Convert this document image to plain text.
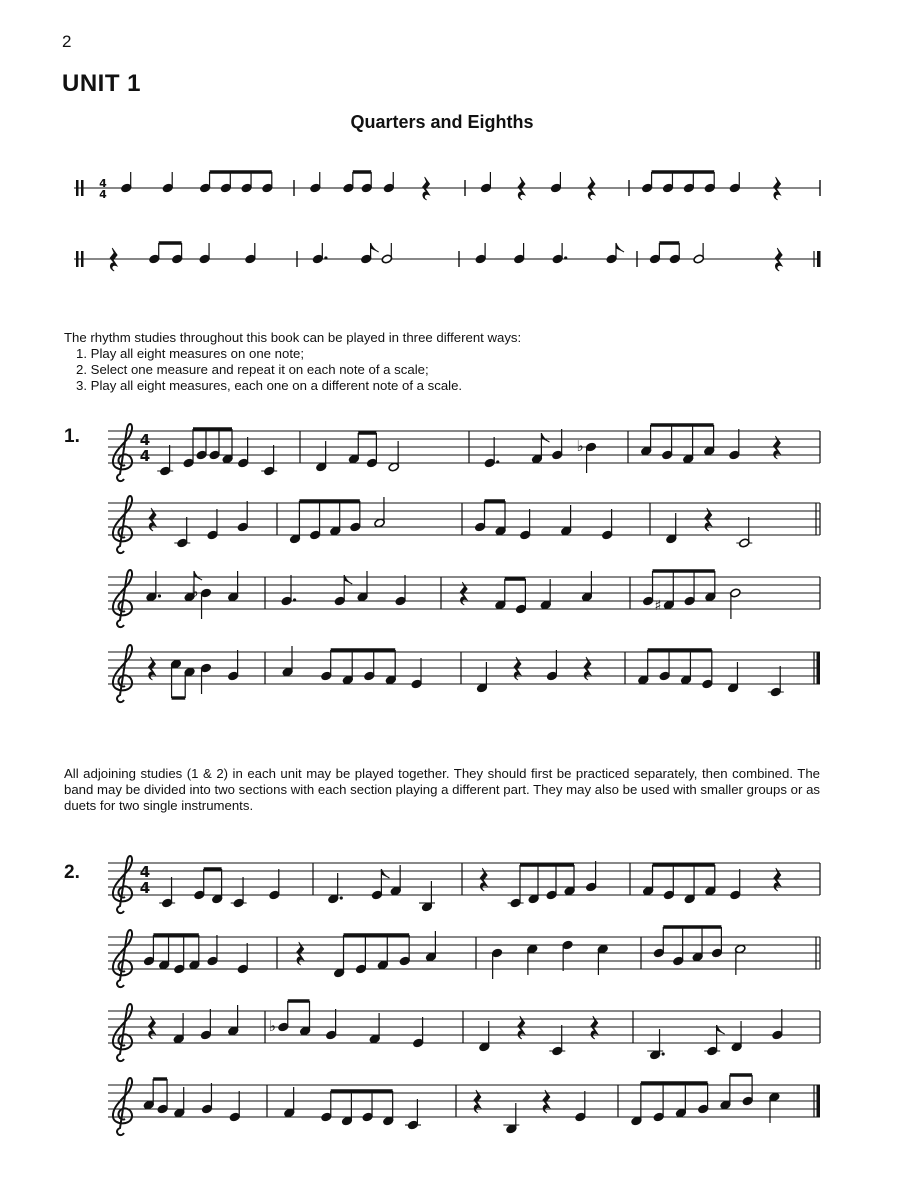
2
UNIT 1
Quarters and Eighths
The rhythm studies throughout this book can be played in three different ways:
1. Play all eight measures on one note;
2. Select one measure and repeat it on each note of a scale;
3. Play all eight measures, each one on a different note of a scale.
All adjoining studies (1 & 2) in each unit may be played together. They should first be practiced separately, then combined. The band may be divided into two sections with each section playing a different part. They may also be used with smaller groups or as duets for two single instruments.
1.
2.
4
4
4
4
♭
♭
♯
4
4
♭
